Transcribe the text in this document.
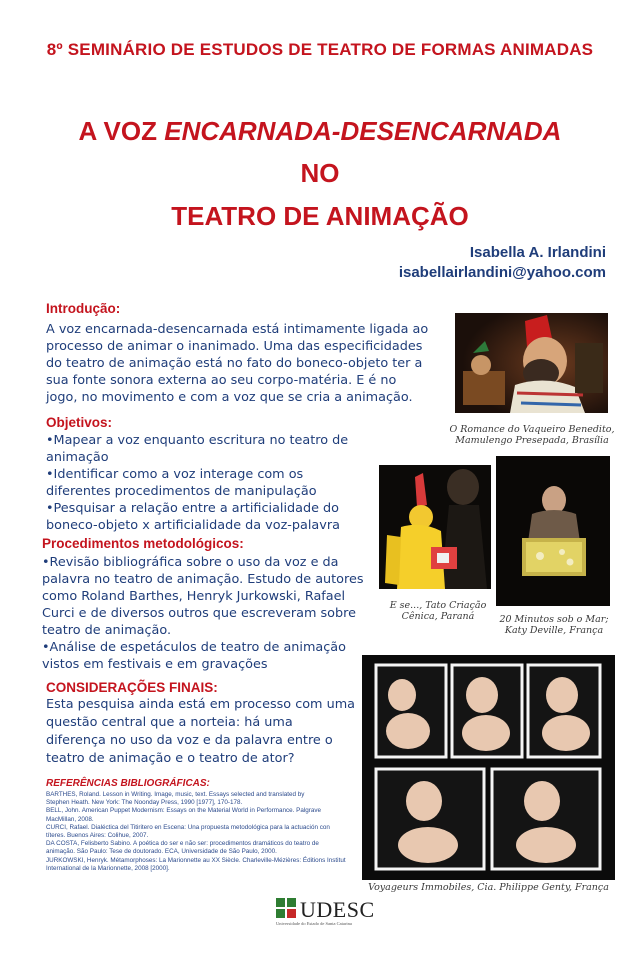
8º SEMINÁRIO DE ESTUDOS DE TEATRO DE FORMAS ANIMADAS
A VOZ ENCARNADA-DESENCARNADA
NO
TEATRO DE ANIMAÇÃO
Isabella A. Irlandini
isabellairlandini@yahoo.com
Introdução:
A voz encarnada-desencarnada está intimamente ligada ao
processo de animar o inanimado. Uma das especificidades
do teatro de animação está no fato do boneco-objeto ter a
sua fonte sonora externa ao seu corpo-matéria. E é no
jogo, no movimento e com a voz que se cria a animação.
Objetivos:
•Mapear a voz enquanto escritura no teatro de
animação
•Identificar como a voz interage com os
diferentes procedimentos de manipulação
•Pesquisar a relação entre a artificialidade do
boneco-objeto x artificialidade da voz-palavra
Procedimentos metodológicos:
•Revisão bibliográfica sobre o uso da voz e da
palavra no teatro de animação. Estudo de autores
como Roland Barthes, Henryk Jurkowski, Rafael
Curci e de diversos outros que escreveram sobre
teatro de animação.
•Análise de espetáculos de teatro de animação
vistos em festivais e em gravações
CONSIDERAÇÕES FINAIS:
Esta pesquisa ainda está em processo com uma
questão central que a norteia: há uma
diferença no uso da voz e da palavra entre o
teatro de animação e o teatro de ator?
REFERÊNCIAS BIBLIOGRÁFICAS:
BARTHES, Roland. Lesson in Writing. Image, music, text. Essays selected and translated by
Stephen Heath. New York: The Noonday Press, 1990 [1977], 170-178.
BELL, John. American Puppet Modernism: Essays on the Material World in Performance. Palgrave
MacMillan, 2008.
CURCI, Rafael. Dialéctica del Titiritero en Escena: Una propuesta metodológica para la actuación con
títeres. Buenos Aires: Colihue, 2007.
DA COSTA, Felisberto Sabino. A poética do ser e não ser: procedimentos dramáticos do teatro de
animação. São Paulo: Tese de doutorado. ECA, Universidade de São Paulo, 2000.
JURKOWSKI, Henryk. Métamorphoses: La Marionnette au XX Siècle. Charleville-Mézières: Éditions Institut
International de la Marionnette, 2008 [2000].
O Romance do Vaqueiro Benedito,
Mamulengo Presepada, Brasília
E se..., Tato Criação
Cênica, Paraná	20 Minutos sob o Mar;
Katy Deville, França
Voyageurs Immobiles, Cia. Philippe Genty, França
UDESC
Universidade do Estado de Santa Catarina
